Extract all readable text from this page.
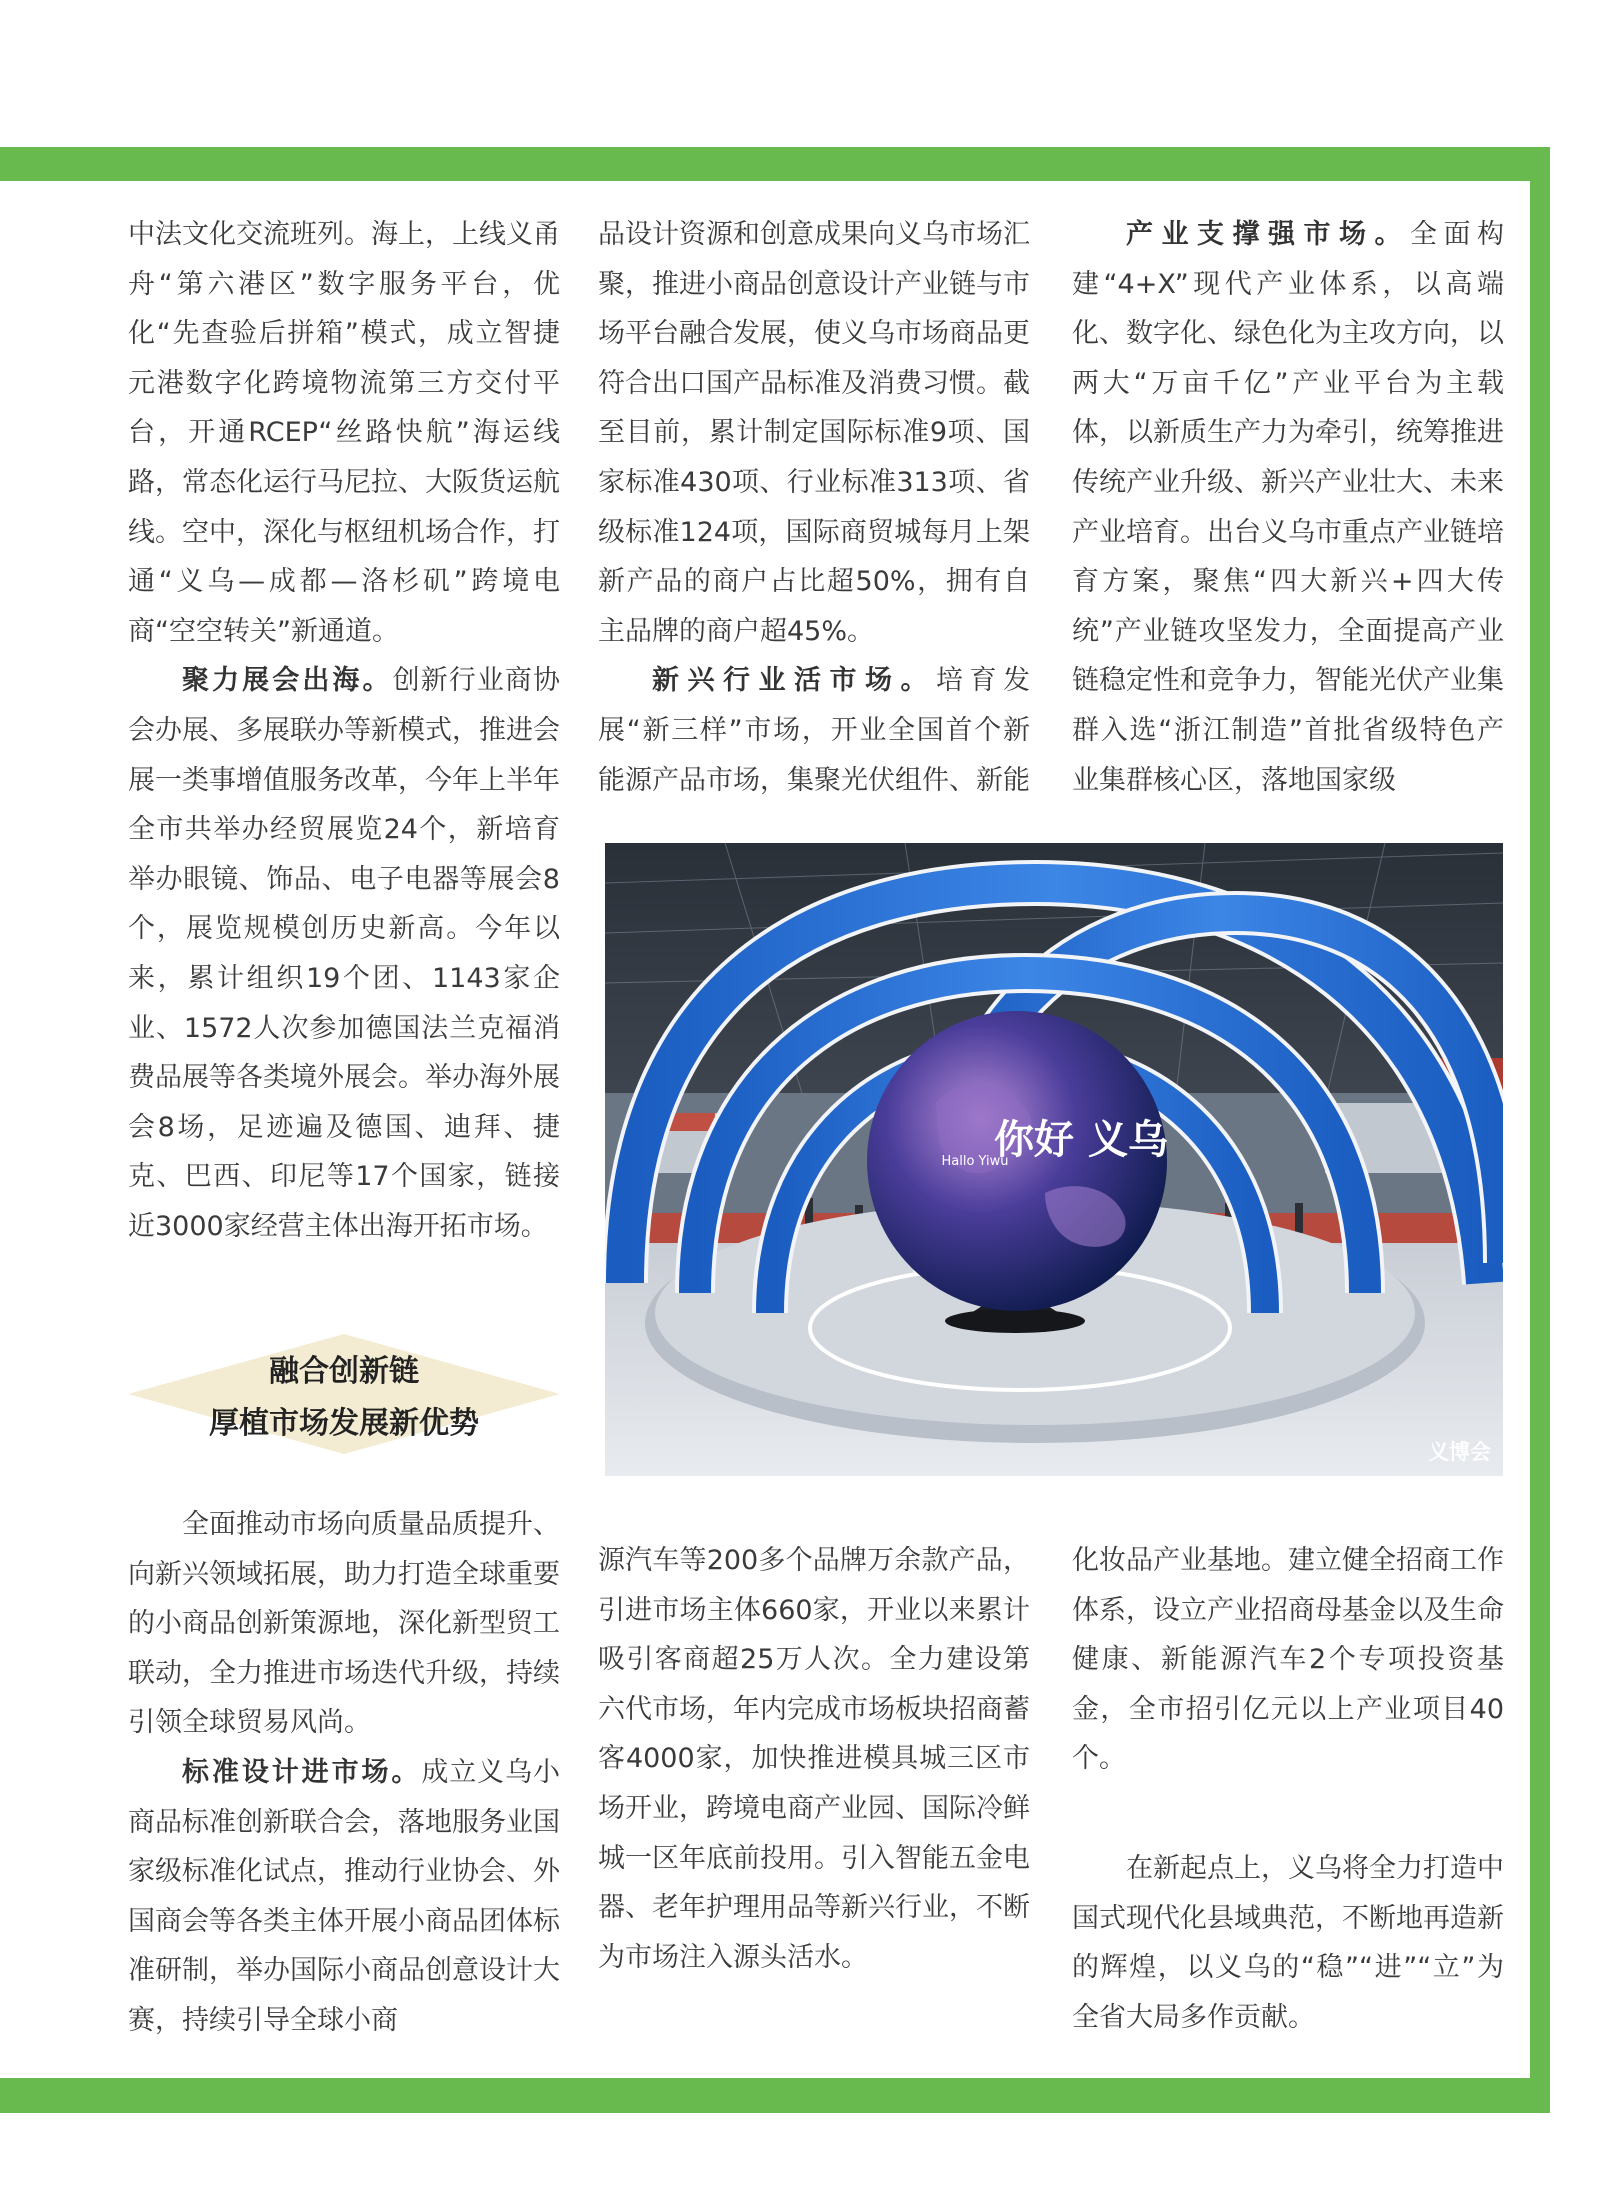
中法文化交流班列。海上，上线义甬舟“第六港区”数字服务平台，优化“先查验后拼箱”模式，成立智捷元港数字化跨境物流第三方交付平台，开通RCEP“丝路快航”海运线路，常态化运行马尼拉、大阪货运航线。空中，深化与枢纽机场合作，打通“义乌—成都—洛杉矶”跨境电商“空空转关”新通道。

聚力展会出海。创新行业商协会办展、多展联办等新模式，推进会展一类事增值服务改革，今年上半年全市共举办经贸展览24个，新培育举办眼镜、饰品、电子电器等展会8个，展览规模创历史新高。今年以来，累计组织19个团、1143家企业、1572人次参加德国法兰克福消费品展等各类境外展会。举办海外展会8场，足迹遍及德国、迪拜、捷克、巴西、印尼等17个国家，链接近3000家经营主体出海开拓市场。

品设计资源和创意成果向义乌市场汇聚，推进小商品创意设计产业链与市场平台融合发展，使义乌市场商品更符合出口国产品标准及消费习惯。截至目前，累计制定国际标准9项、国家标准430项、行业标准313项、省级标准124项，国际商贸城每月上架新产品的商户占比超50%，拥有自主品牌的商户超45%。

新兴行业活市场。培育发展“新三样”市场，开业全国首个新能源产品市场，集聚光伏组件、新能

产业支撑强市场。全面构建“4+X”现代产业体系，以高端化、数字化、绿色化为主攻方向，以两大“万亩千亿”产业平台为主载体，以新质生产力为牵引，统筹推进传统产业升级、新兴产业壮大、未来产业培育。出台义乌市重点产业链培育方案，聚焦“四大新兴+四大传统”产业链攻坚发力，全面提高产业链稳定性和竞争力，智能光伏产业集群入选“浙江制造”首批省级特色产业集群核心区，落地国家级

融合创新链
厚植市场发展新优势

全面推动市场向质量品质提升、向新兴领域拓展，助力打造全球重要的小商品创新策源地，深化新型贸工联动，全力推进市场迭代升级，持续引领全球贸易风尚。

标准设计进市场。成立义乌小商品标准创新联合会，落地服务业国家级标准化试点，推动行业协会、外国商会等各类主体开展小商品团体标准研制，举办国际小商品创意设计大赛，持续引导全球小商

源汽车等200多个品牌万余款产品，引进市场主体660家，开业以来累计吸引客商超25万人次。全力建设第六代市场，年内完成市场板块招商蓄客4000家，加快推进模具城三区市场开业，跨境电商产业园、国际冷鲜城一区年底前投用。引入智能五金电器、老年护理用品等新兴行业，不断为市场注入源头活水。

化妆品产业基地。建立健全招商工作体系，设立产业招商母基金以及生命健康、新能源汽车2个专项投资基金，全市招引亿元以上产业项目40个。

在新起点上，义乌将全力打造中国式现代化县域典范，不断地再造新的辉煌，以义乌的“稳”“进”“立”为全省大局多作贡献。

你好 义乌
Hallo Yiwu
义博会
